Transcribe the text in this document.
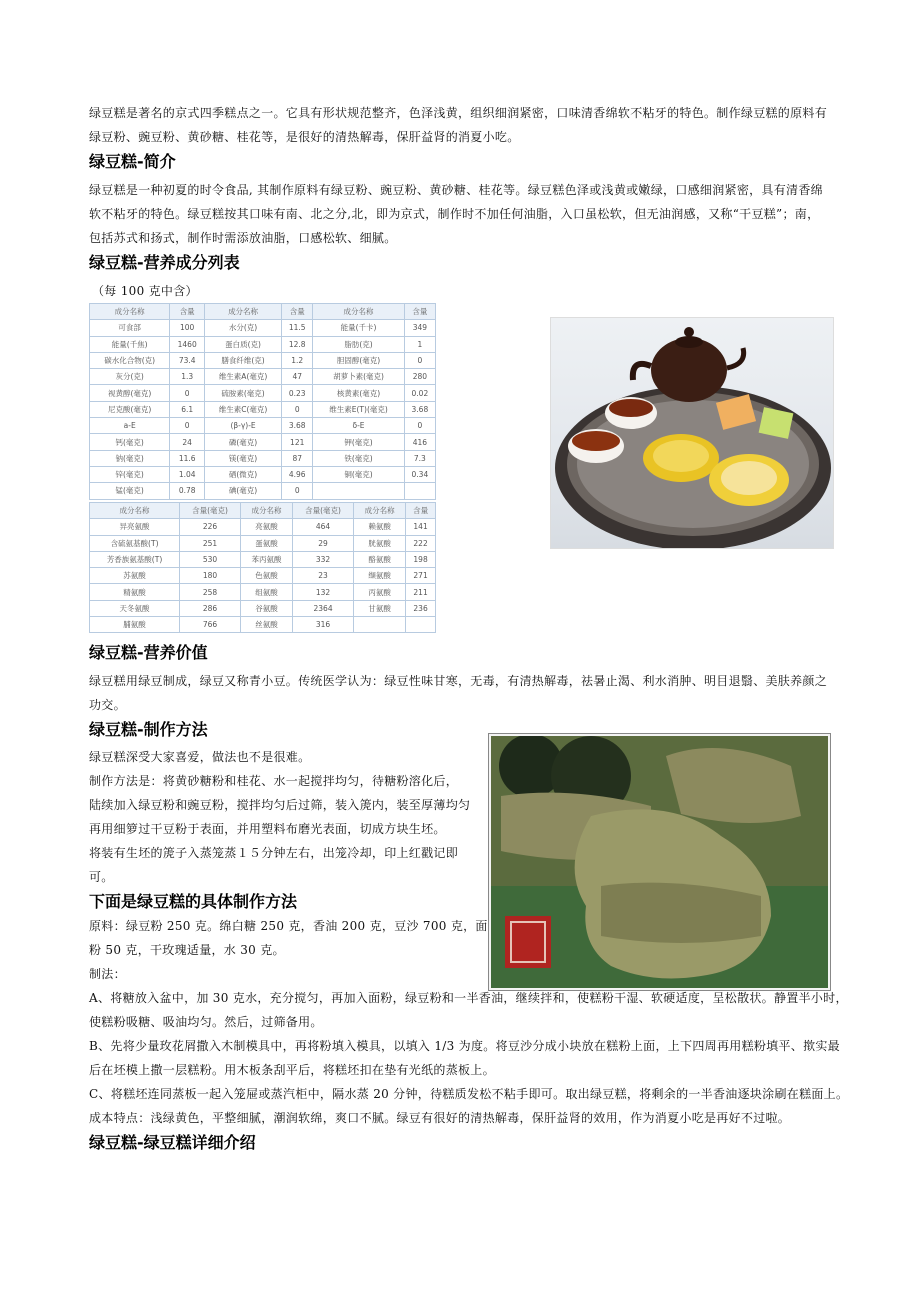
绿豆糕是著名的京式四季糕点之一。它具有形状规范整齐，色泽浅黄，组织细润紧密，口味清香绵软不粘牙的特色。制作绿豆糕的原料有
绿豆粉、豌豆粉、黄砂糖、桂花等，是很好的清热解毒，保肝益肾的消夏小吃。
绿豆糕-简介
绿豆糕是一种初夏的时令食品, 其制作原料有绿豆粉、豌豆粉、黄砂糖、桂花等。绿豆糕色泽或浅黄或嫩绿，口感细润紧密，具有清香绵
软不粘牙的特色。绿豆糕按其口味有南、北之分,北，即为京式，制作时不加任何油脂，入口虽松软，但无油润感，又称“干豆糕”；南，
包括苏式和扬式，制作时需添放油脂，口感松软、细腻。
绿豆糕-营养成分列表
（每 100 克中含）
成分名称	含量	成分名称	含量	成分名称	含量
可食部	100	水分(克)	11.5	能量(千卡)	349
能量(千焦)	1460	蛋白质(克)	12.8	脂肪(克)	1
碳水化合物(克)	73.4	膳食纤维(克)	1.2	胆固醇(毫克)	0
灰分(克)	1.3	维生素A(毫克)	47	胡萝卜素(毫克)	280
视黄醇(毫克)	0	硫胺素(毫克)	0.23	核黄素(毫克)	0.02
尼克酸(毫克)	6.1	维生素C(毫克)	0	维生素E(T)(毫克)	3.68
a-E	0	(β-γ)-E	3.68	δ-E	0
钙(毫克)	24	磷(毫克)	121	钾(毫克)	416
钠(毫克)	11.6	镁(毫克)	87	铁(毫克)	7.3
锌(毫克)	1.04	硒(微克)	4.96	铜(毫克)	0.34
锰(毫克)	0.78	碘(毫克)	0		
成分名称	含量(毫克)	成分名称	含量(毫克)	成分名称	含量
异亮氨酸	226	亮氨酸	464	赖氨酸	141
含硫氨基酸(T)	251	蛋氨酸	29	胱氨酸	222
芳香族氨基酸(T)	530	苯丙氨酸	332	酪氨酸	198
苏氨酸	180	色氨酸	23	缬氨酸	271
精氨酸	258	组氨酸	132	丙氨酸	211
天冬氨酸	286	谷氨酸	2364	甘氨酸	236
脯氨酸	766	丝氨酸	316		
绿豆糕-营养价值
绿豆糕用绿豆制成，绿豆又称青小豆。传统医学认为：绿豆性味甘寒，无毒，有清热解毒，祛暑止渴、利水消肿、明目退翳、美肤养颜之
功交。
绿豆糕-制作方法
绿豆糕深受大家喜爱，做法也不是很难。
制作方法是：将黄砂糖粉和桂花、水一起搅拌均匀，待糖粉溶化后，
陆续加入绿豆粉和豌豆粉，搅拌均匀后过筛，装入箎内，装至厚薄均匀
再用细箩过干豆粉于表面，并用塑料布磨光表面，切成方块生坯。
将装有生坯的箎子入蒸笼蒸１５分钟左右，出笼冷却，印上红戳记即
可。
下面是绿豆糕的具体制作方法
原料：绿豆粉 250 克。绵白糖 250 克，香油 200 克，豆沙 700 克，面
粉 50 克，干玫瑰适量，水 30 克。
制法：
A、将糖放入盆中，加 30 克水，充分搅匀，再加入面粉，绿豆粉和一半香油，继续拌和，使糕粉干湿、软硬适度，呈松散状。静置半小时，
使糕粉吸糖、吸油均匀。然后，过筛备用。
B、先将少量玫花屑撒入木制模具中，再将粉填入模具，以填入 1/3 为度。将豆沙分成小块放在糕粉上面，上下四周再用糕粉填平、揿实最
后在坯模上撒一层糕粉。用木板条刮平后，将糕坯扣在垫有光纸的蒸板上。
C、将糕坯连同蒸板一起入笼屉或蒸汽柜中，隔水蒸 20 分钟，待糕质发松不粘手即可。取出绿豆糕，将剩余的一半香油逐块涂刷在糕面上。
成本特点：浅绿黄色，平整细腻，潮润软绵，爽口不腻。绿豆有很好的清热解毒，保肝益肾的效用，作为消夏小吃是再好不过啦。
绿豆糕-绿豆糕详细介绍
